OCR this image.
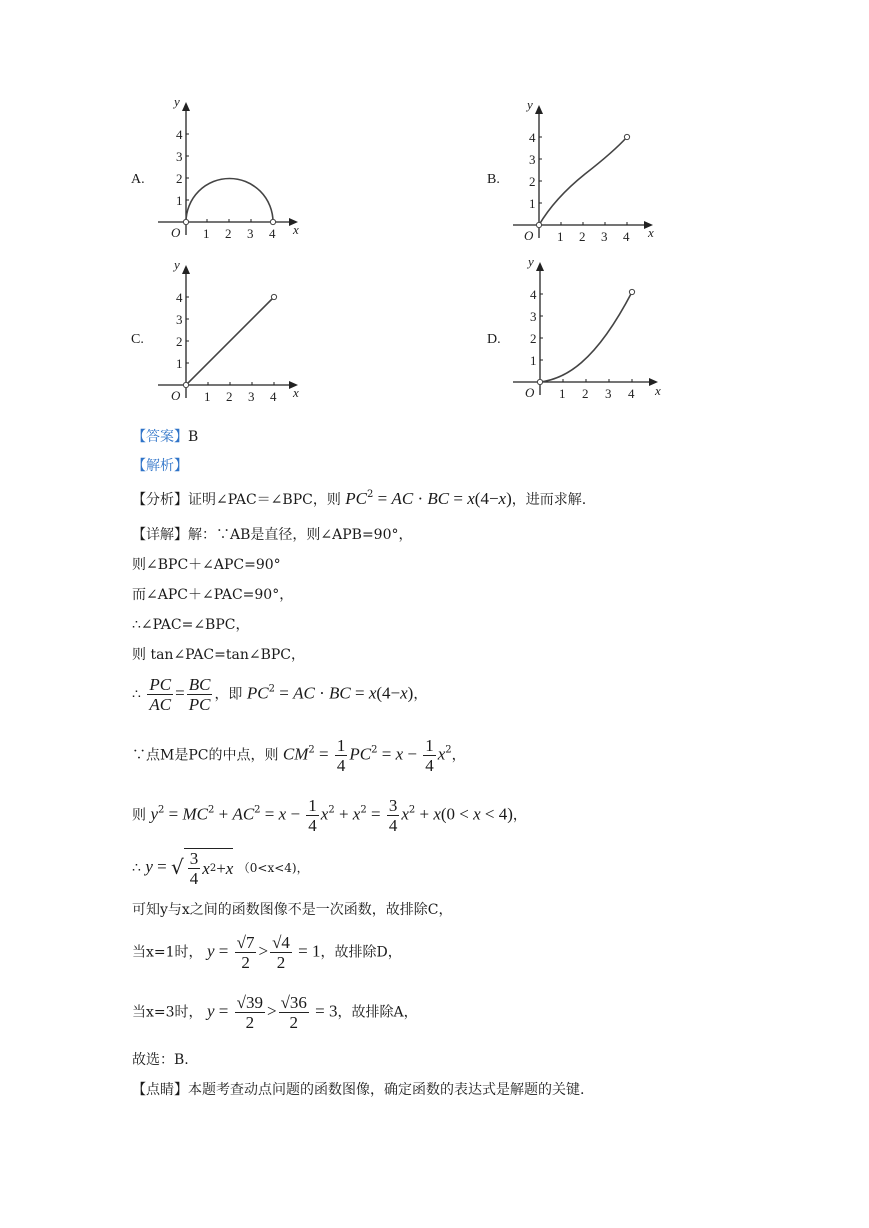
A.
O	x
y
1 2 3 4
1
2
3
4
B.
O	x
y
1 2 3 4
1
2
3
4
C.
O	x
y
1 2 3 4
1
2
3
4
D.
O	x
y
1 2 3 4
1
2
3
4
【答案】B
【解析】
【分析】证明∠PAC＝∠BPC，则 $PC^2$ = AC · BC = x(4−x)，进而求解.
【详解】解：∵AB是直径，则∠APB=90°，
则∠BPC＋∠APC=90°
而∠APC＋∠PAC=90°，
∴∠PAC=∠BPC，
则 tan∠PAC=tan∠BPC，
∴ $\frac{PC}{AC} = \frac{BC}{PC}$ ，即 $PC^2$ = AC · BC = x(4−x)，
∵点M是PC的中点，则 $CM^2 = \frac{1}{4} PC^2 = x - \frac{1}{4} x^2$，
则 $y^2 = MC^2 + AC^2 = x - \frac{1}{4} x^2 + x^2 = \frac{3}{4} x^2 + x(0 < x < 4)$，
∴ y = √ $\frac{3}{4}$ x 2 + x （0<x<4)，
可知y与x之间的函数图像不是一次函数，故排除C，
当x=1时， $y = \frac{√7}{2} > \frac{√4}{2} = 1$，故排除D，
当x=3时， $y = \frac{√39}{2} > \frac{√36}{2} = 3$，故排除A，
故选：B.
【点睛】本题考查动点问题的函数图像，确定函数的表达式是解题的关键.
